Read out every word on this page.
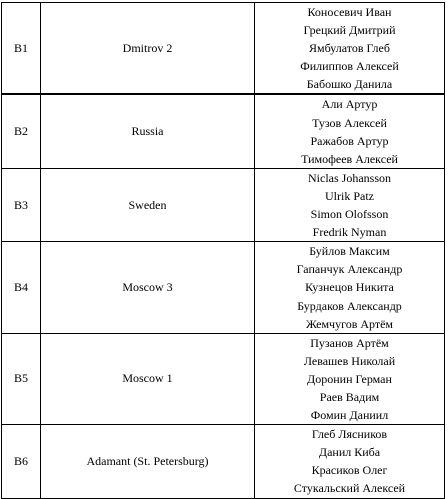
B1	Dmitrov 2	Коносевич Иван
Грецкий Дмитрий
Ямбулатов Глеб
Филиппов Алексей
Бабошко Данила

B2	Russia	Али Артур
Тузов Алексей
Ражабов Артур
Тимофеев Алексей

B3	Sweden	Niclas Johansson
Ulrik Patz
Simon Olofsson
Fredrik Nyman

B4	Moscow 3	Буйлов Максим
Гапанчук Александр
Кузнецов Никита
Бурдаков Александр
Жемчугов Артём

B5	Moscow 1	Пузанов Артём
Левашев Николай
Доронин Герман
Раев Вадим
Фомин Даниил

B6	Adamant (St. Petersburg)	Глеб Лясников
Данил Киба
Красиков Олег
Стукальский Алексей
